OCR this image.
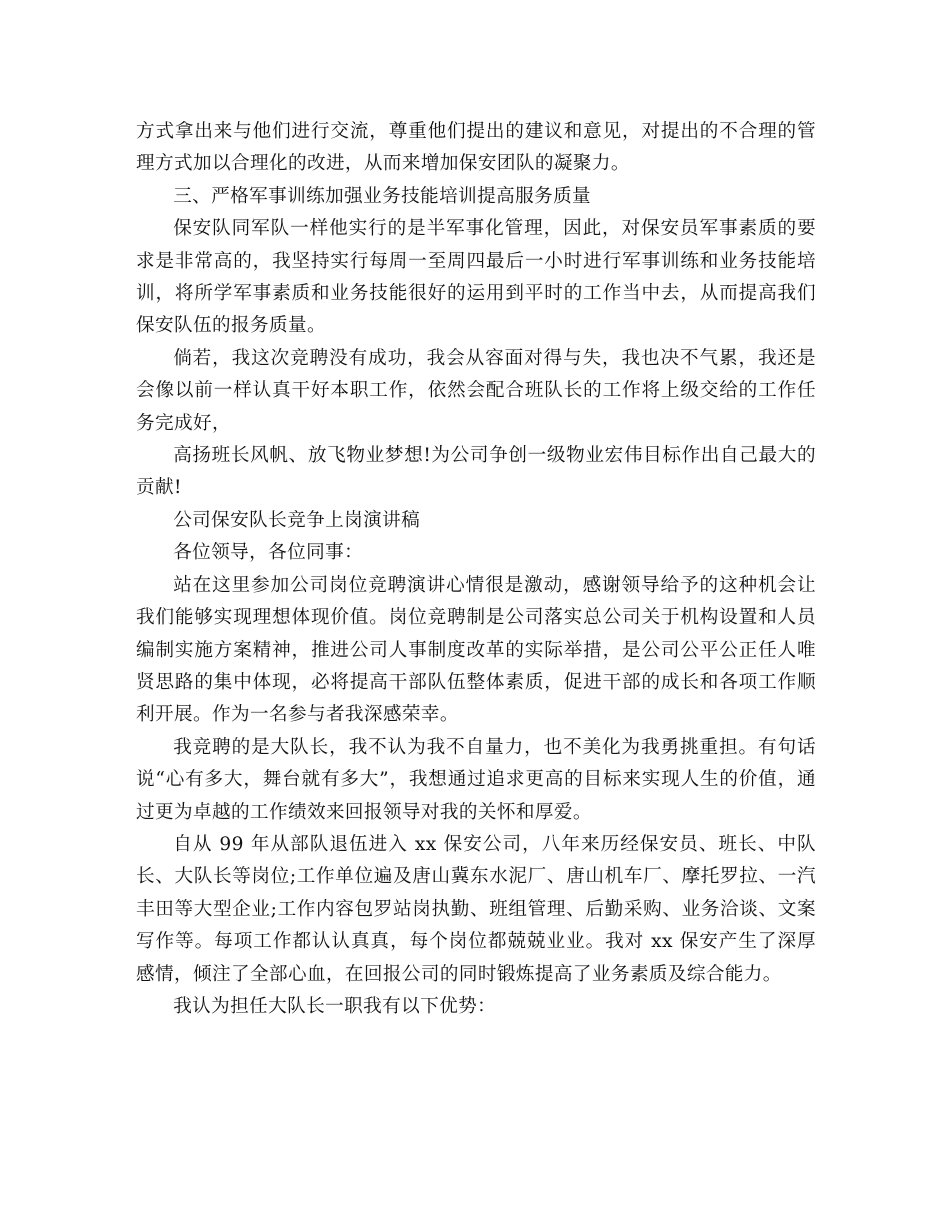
方式拿出来与他们进行交流，尊重他们提出的建议和意见，对提出的不合理的管理方式加以合理化的改进，从而来增加保安团队的凝聚力。

三、严格军事训练加强业务技能培训提高服务质量

保安队同军队一样他实行的是半军事化管理，因此，对保安员军事素质的要求是非常高的，我坚持实行每周一至周四最后一小时进行军事训练和业务技能培训，将所学军事素质和业务技能很好的运用到平时的工作当中去，从而提高我们保安队伍的报务质量。

倘若，我这次竞聘没有成功，我会从容面对得与失，我也决不气累，我还是会像以前一样认真干好本职工作，依然会配合班队长的工作将上级交给的工作任务完成好，

高扬班长风帆、放飞物业梦想!为公司争创一级物业宏伟目标作出自己最大的贡献!

公司保安队长竞争上岗演讲稿

各位领导，各位同事：

站在这里参加公司岗位竞聘演讲心情很是激动，感谢领导给予的这种机会让我们能够实现理想体现价值。岗位竞聘制是公司落实总公司关于机构设置和人员编制实施方案精神，推进公司人事制度改革的实际举措，是公司公平公正任人唯贤思路的集中体现，必将提高干部队伍整体素质，促进干部的成长和各项工作顺利开展。作为一名参与者我深感荣幸。

我竞聘的是大队长，我不认为我不自量力，也不美化为我勇挑重担。有句话说“心有多大，舞台就有多大”，我想通过追求更高的目标来实现人生的价值，通过更为卓越的工作绩效来回报领导对我的关怀和厚爱。

自从 99 年从部队退伍进入 xx 保安公司，八年来历经保安员、班长、中队长、大队长等岗位;工作单位遍及唐山冀东水泥厂、唐山机车厂、摩托罗拉、一汽丰田等大型企业;工作内容包罗站岗执勤、班组管理、后勤采购、业务洽谈、文案写作等。每项工作都认认真真，每个岗位都兢兢业业。我对 xx 保安产生了深厚感情，倾注了全部心血，在回报公司的同时锻炼提高了业务素质及综合能力。

我认为担任大队长一职我有以下优势：
